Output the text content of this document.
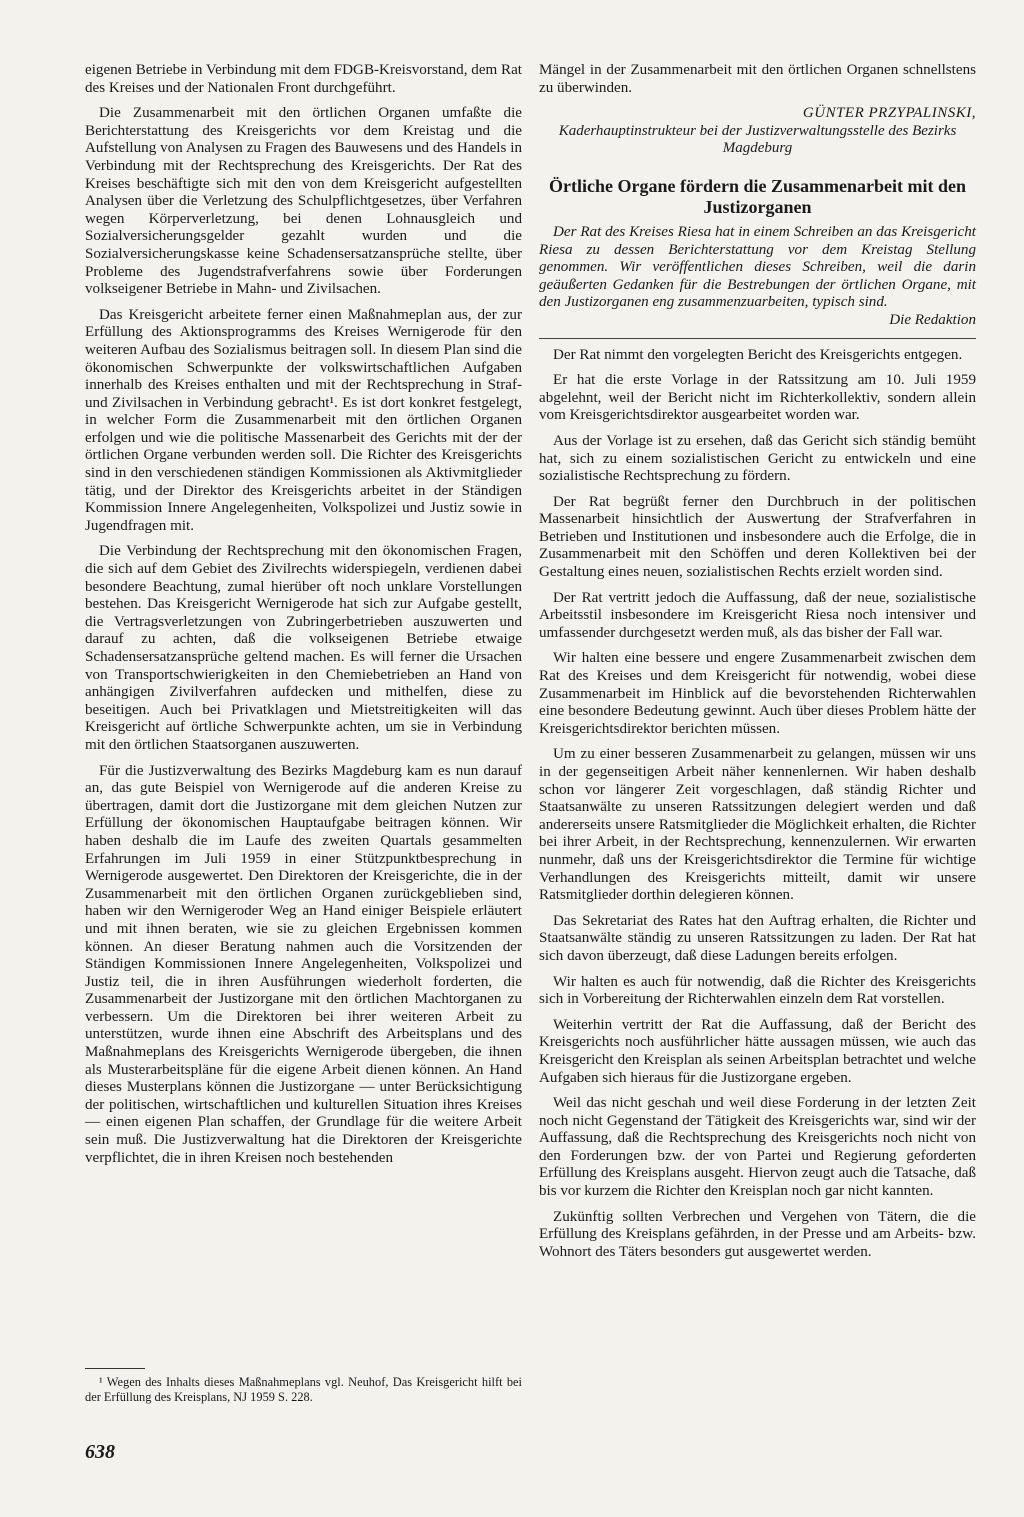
eigenen Betriebe in Verbindung mit dem FDGB-Kreisvorstand, dem Rat des Kreises und der Nationalen Front durchgeführt.

Die Zusammenarbeit mit den örtlichen Organen umfaßte die Berichterstattung des Kreisgerichts vor dem Kreistag und die Aufstellung von Analysen zu Fragen des Bauwesens und des Handels in Verbindung mit der Rechtsprechung des Kreisgerichts. Der Rat des Kreises beschäftigte sich mit den von dem Kreisgericht aufgestellten Analysen über die Verletzung des Schulpflichtgesetzes, über Verfahren wegen Körperverletzung, bei denen Lohnausgleich und Sozialversicherungsgelder gezahlt wurden und die Sozialversicherungskasse keine Schadensersatzansprüche stellte, über Probleme des Jugendstrafverfahrens sowie über Forderungen volkseigener Betriebe in Mahn- und Zivilsachen.

Das Kreisgericht arbeitete ferner einen Maßnahmeplan aus, der zur Erfüllung des Aktionsprogramms des Kreises Wernigerode für den weiteren Aufbau des Sozialismus beitragen soll. In diesem Plan sind die ökonomischen Schwerpunkte der volkswirtschaftlichen Aufgaben innerhalb des Kreises enthalten und mit der Rechtsprechung in Straf- und Zivilsachen in Verbindung gebracht¹. Es ist dort konkret festgelegt, in welcher Form die Zusammenarbeit mit den örtlichen Organen erfolgen und wie die politische Massenarbeit des Gerichts mit der der örtlichen Organe verbunden werden soll. Die Richter des Kreisgerichts sind in den verschiedenen ständigen Kommissionen als Aktivmitglieder tätig, und der Direktor des Kreisgerichts arbeitet in der Ständigen Kommission Innere Angelegenheiten, Volkspolizei und Justiz sowie in Jugendfragen mit.

Die Verbindung der Rechtsprechung mit den ökonomischen Fragen, die sich auf dem Gebiet des Zivilrechts widerspiegeln, verdienen dabei besondere Beachtung, zumal hierüber oft noch unklare Vorstellungen bestehen. Das Kreisgericht Wernigerode hat sich zur Aufgabe gestellt, die Vertragsverletzungen von Zubringerbetrieben auszuwerten und darauf zu achten, daß die volkseigenen Betriebe etwaige Schadensersatzansprüche geltend machen. Es will ferner die Ursachen von Transportschwierigkeiten in den Chemiebetrieben an Hand von anhängigen Zivilverfahren aufdecken und mithelfen, diese zu beseitigen. Auch bei Privatklagen und Mietstreitigkeiten will das Kreisgericht auf örtliche Schwerpunkte achten, um sie in Verbindung mit den örtlichen Staatsorganen auszuwerten.

Für die Justizverwaltung des Bezirks Magdeburg kam es nun darauf an, das gute Beispiel von Wernigerode auf die anderen Kreise zu übertragen, damit dort die Justizorgane mit dem gleichen Nutzen zur Erfüllung der ökonomischen Hauptaufgabe beitragen können. Wir haben deshalb die im Laufe des zweiten Quartals gesammelten Erfahrungen im Juli 1959 in einer Stützpunktbesprechung in Wernigerode ausgewertet. Den Direktoren der Kreisgerichte, die in der Zusammenarbeit mit den örtlichen Organen zurückgeblieben sind, haben wir den Wernigeroder Weg an Hand einiger Beispiele erläutert und mit ihnen beraten, wie sie zu gleichen Ergebnissen kommen können. An dieser Beratung nahmen auch die Vorsitzenden der Ständigen Kommissionen Innere Angelegenheiten, Volkspolizei und Justiz teil, die in ihren Ausführungen wiederholt forderten, die Zusammenarbeit der Justizorgane mit den örtlichen Machtorganen zu verbessern. Um die Direktoren bei ihrer weiteren Arbeit zu unterstützen, wurde ihnen eine Abschrift des Arbeitsplans und des Maßnahmeplans des Kreisgerichts Wernigerode übergeben, die ihnen als Musterarbeitspläne für die eigene Arbeit dienen können. An Hand dieses Musterplans können die Justizorgane — unter Berücksichtigung der politischen, wirtschaftlichen und kulturellen Situation ihres Kreises — einen eigenen Plan schaffen, der Grundlage für die weitere Arbeit sein muß. Die Justizverwaltung hat die Direktoren der Kreisgerichte verpflichtet, die in ihren Kreisen noch bestehenden

Mängel in der Zusammenarbeit mit den örtlichen Organen schnellstens zu überwinden.

GÜNTER PRZYPALINSKI,

Kaderhauptinstrukteur bei der Justizverwaltungsstelle des Bezirks Magdeburg
Örtliche Organe fördern die Zusammenarbeit mit den Justizorganen
Der Rat des Kreises Riesa hat in einem Schreiben an das Kreisgericht Riesa zu dessen Berichterstattung vor dem Kreistag Stellung genommen. Wir veröffentlichen dieses Schreiben, weil die darin geäußerten Gedanken für die Bestrebungen der örtlichen Organe, mit den Justizorganen eng zusammenzuarbeiten, typisch sind.
Die Redaktion

Der Rat nimmt den vorgelegten Bericht des Kreisgerichts entgegen.

Er hat die erste Vorlage in der Ratssitzung am 10. Juli 1959 abgelehnt, weil der Bericht nicht im Richterkollektiv, sondern allein vom Kreisgerichtsdirektor ausgearbeitet worden war.

Aus der Vorlage ist zu ersehen, daß das Gericht sich ständig bemüht hat, sich zu einem sozialistischen Gericht zu entwickeln und eine sozialistische Rechtsprechung zu fördern.

Der Rat begrüßt ferner den Durchbruch in der politischen Massenarbeit hinsichtlich der Auswertung der Strafverfahren in Betrieben und Institutionen und insbesondere auch die Erfolge, die in Zusammenarbeit mit den Schöffen und deren Kollektiven bei der Gestaltung eines neuen, sozialistischen Rechts erzielt worden sind.

Der Rat vertritt jedoch die Auffassung, daß der neue, sozialistische Arbeitsstil insbesondere im Kreisgericht Riesa noch intensiver und umfassender durchgesetzt werden muß, als das bisher der Fall war.

Wir halten eine bessere und engere Zusammenarbeit zwischen dem Rat des Kreises und dem Kreisgericht für notwendig, wobei diese Zusammenarbeit im Hinblick auf die bevorstehenden Richterwahlen eine besondere Bedeutung gewinnt. Auch über dieses Problem hätte der Kreisgerichtsdirektor berichten müssen.

Um zu einer besseren Zusammenarbeit zu gelangen, müssen wir uns in der gegenseitigen Arbeit näher kennenlernen. Wir haben deshalb schon vor längerer Zeit vorgeschlagen, daß ständig Richter und Staatsanwälte zu unseren Ratssitzungen delegiert werden und daß andererseits unsere Ratsmitglieder die Möglichkeit erhalten, die Richter bei ihrer Arbeit, in der Rechtsprechung, kennenzulernen. Wir erwarten nunmehr, daß uns der Kreisgerichtsdirektor die Termine für wichtige Verhandlungen des Kreisgerichts mitteilt, damit wir unsere Ratsmitglieder dorthin delegieren können.

Das Sekretariat des Rates hat den Auftrag erhalten, die Richter und Staatsanwälte ständig zu unseren Ratssitzungen zu laden. Der Rat hat sich davon überzeugt, daß diese Ladungen bereits erfolgen.

Wir halten es auch für notwendig, daß die Richter des Kreisgerichts sich in Vorbereitung der Richterwahlen einzeln dem Rat vorstellen.

Weiterhin vertritt der Rat die Auffassung, daß der Bericht des Kreisgerichts noch ausführlicher hätte aussagen müssen, wie auch das Kreisgericht den Kreisplan als seinen Arbeitsplan betrachtet und welche Aufgaben sich hieraus für die Justizorgane ergeben.

Weil das nicht geschah und weil diese Forderung in der letzten Zeit noch nicht Gegenstand der Tätigkeit des Kreisgerichts war, sind wir der Auffassung, daß die Rechtsprechung des Kreisgerichts noch nicht von den Forderungen bzw. der von Partei und Regierung geforderten Erfüllung des Kreisplans ausgeht. Hiervon zeugt auch die Tatsache, daß bis vor kurzem die Richter den Kreisplan noch gar nicht kannten.

Zukünftig sollten Verbrechen und Vergehen von Tätern, die die Erfüllung des Kreisplans gefährden, in der Presse und am Arbeits- bzw. Wohnort des Täters besonders gut ausgewertet werden.

¹ Wegen des Inhalts dieses Maßnahmeplans vgl. Neuhof, Das Kreisgericht hilft bei der Erfüllung des Kreisplans, NJ 1959 S. 228.

638
